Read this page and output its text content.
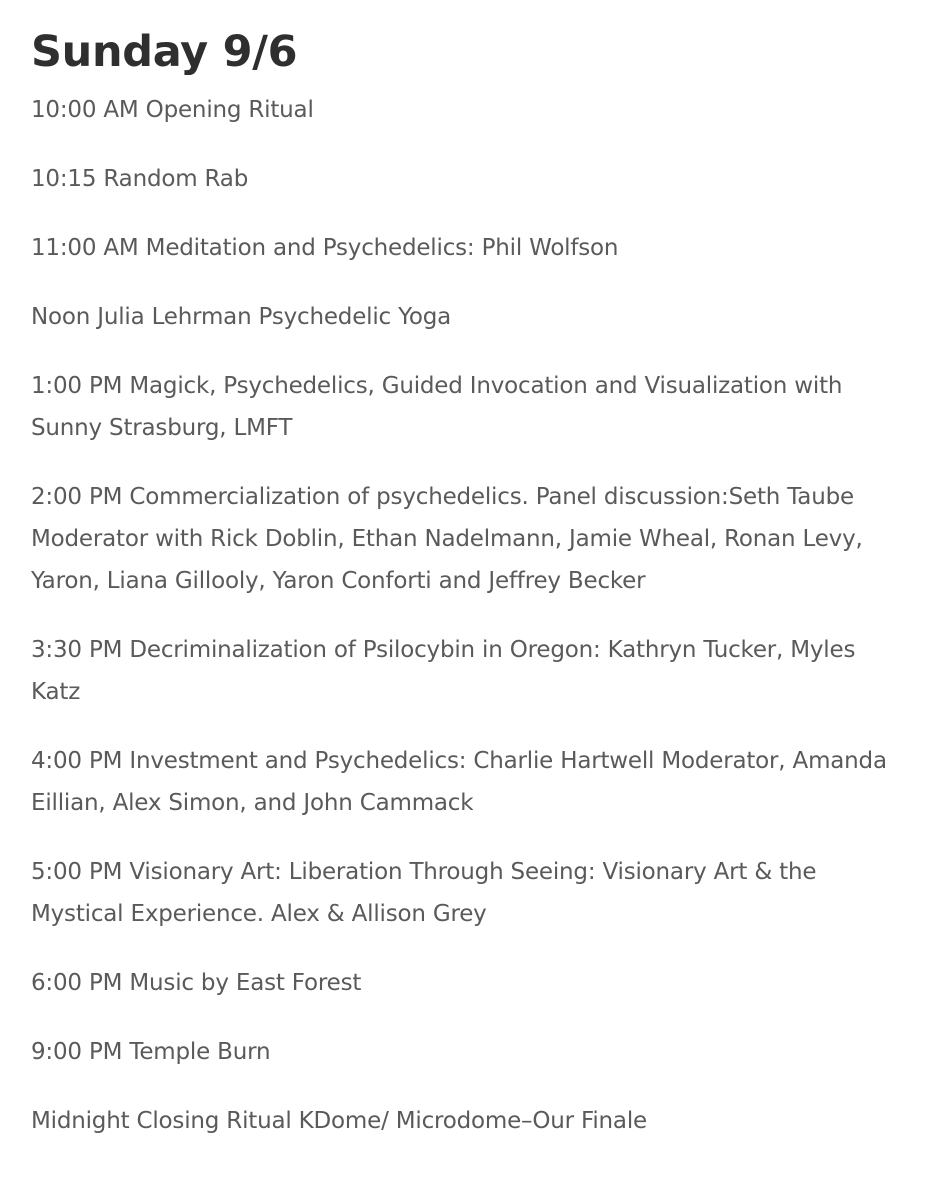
Sunday 9/6

10:00 AM Opening Ritual

10:15 Random Rab

11:00 AM Meditation and Psychedelics: Phil Wolfson

Noon Julia Lehrman Psychedelic Yoga

1:00 PM Magick, Psychedelics, Guided Invocation and Visualization with Sunny Strasburg, LMFT

2:00 PM Commercialization of psychedelics. Panel discussion:Seth Taube Moderator with Rick Doblin, Ethan Nadelmann, Jamie Wheal, Ronan Levy, Yaron, Liana Gillooly, Yaron Conforti and Jeffrey Becker

3:30 PM Decriminalization of Psilocybin in Oregon: Kathryn Tucker, Myles Katz

4:00 PM Investment and Psychedelics: Charlie Hartwell Moderator, Amanda Eillian, Alex Simon, and John Cammack

5:00 PM Visionary Art: Liberation Through Seeing: Visionary Art & the Mystical Experience. Alex & Allison Grey

6:00 PM Music by East Forest

9:00 PM Temple Burn

Midnight Closing Ritual KDome/ Microdome–Our Finale
